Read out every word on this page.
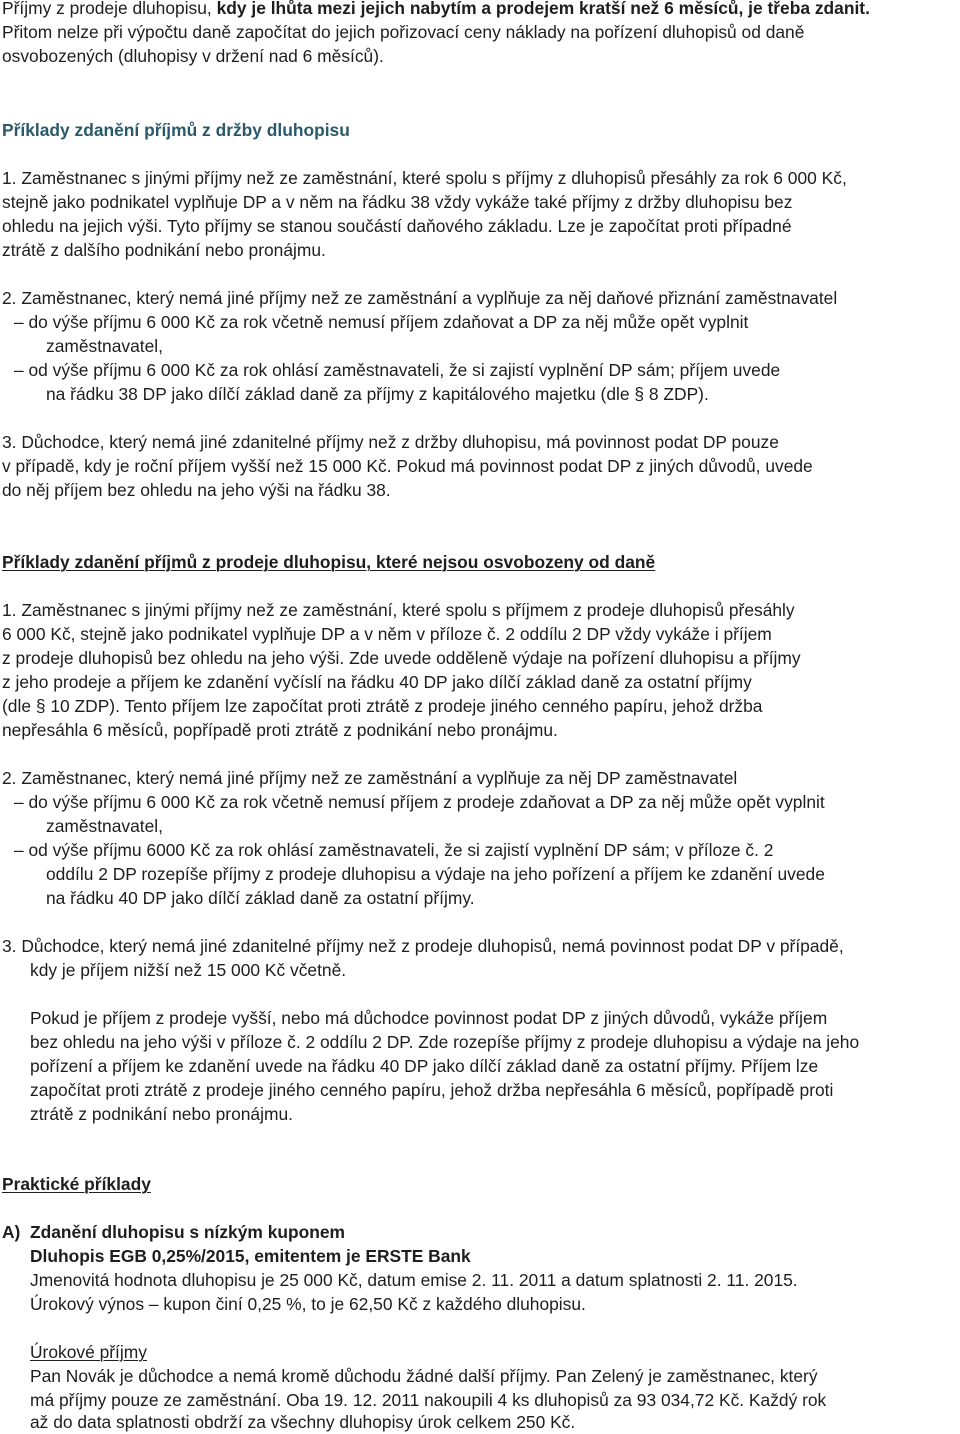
Příjmy z prodeje dluhopisu, kdy je lhůta mezi jejich nabytím a prodejem kratší než 6 měsíců, je třeba zdanit.
Přitom nelze při výpočtu daně započítat do jejich pořizovací ceny náklady na pořízení dluhopisů od daně
osvobozených (dluhopisy v držení nad 6 měsíců).
Příklady zdanění příjmů z držby dluhopisu
1. Zaměstnanec s jinými příjmy než ze zaměstnání, které spolu s příjmy z dluhopisů přesáhly za rok 6 000 Kč,
stejně jako podnikatel vyplňuje DP a v něm na řádku 38 vždy vykáže také příjmy z držby dluhopisu bez
ohledu na jejich výši. Tyto příjmy se stanou součástí daňového základu. Lze je započítat proti případné
ztrátě z dalšího podnikání nebo pronájmu.
2. Zaměstnanec, který nemá jiné příjmy než ze zaměstnání a vyplňuje za něj daňové přiznání zaměstnavatel
– do výše příjmu 6 000 Kč za rok včetně nemusí příjem zdaňovat a DP za něj může opět vyplnit
zaměstnavatel,
– od výše příjmu 6 000 Kč za rok ohlásí zaměstnavateli, že si zajistí vyplnění DP sám; příjem uvede
na řádku 38 DP jako dílčí základ daně za příjmy z kapitálového majetku (dle § 8 ZDP).
3. Důchodce, který nemá jiné zdanitelné příjmy než z držby dluhopisu, má povinnost podat DP pouze
v případě, kdy je roční příjem vyšší než 15 000 Kč. Pokud má povinnost podat DP z jiných důvodů, uvede
do něj příjem bez ohledu na jeho výši na řádku 38.
Příklady zdanění příjmů z prodeje dluhopisu, které nejsou osvobozeny od daně
1. Zaměstnanec s jinými příjmy než ze zaměstnání, které spolu s příjmem z prodeje dluhopisů přesáhly
6 000 Kč, stejně jako podnikatel vyplňuje DP a v něm v příloze č. 2 oddílu 2 DP vždy vykáže i příjem
z prodeje dluhopisů bez ohledu na jeho výši. Zde uvede odděleně výdaje na pořízení dluhopisu a příjmy
z jeho prodeje a příjem ke zdanění vyčíslí na řádku 40 DP jako dílčí základ daně za ostatní příjmy
(dle § 10 ZDP). Tento příjem lze započítat proti ztrátě z prodeje jiného cenného papíru, jehož držba
nepřesáhla 6 měsíců, popřípadě proti ztrátě z podnikání nebo pronájmu.
2. Zaměstnanec, který nemá jiné příjmy než ze zaměstnání a vyplňuje za něj DP zaměstnavatel
– do výše příjmu 6 000 Kč za rok včetně nemusí příjem z prodeje zdaňovat a DP za něj může opět vyplnit
zaměstnavatel,
– od výše příjmu 6000 Kč za rok ohlásí zaměstnavateli, že si zajistí vyplnění DP sám; v příloze č. 2
oddílu 2 DP rozepíše příjmy z prodeje dluhopisu a výdaje na jeho pořízení a příjem ke zdanění uvede
na řádku 40 DP jako dílčí základ daně za ostatní příjmy.
3. Důchodce, který nemá jiné zdanitelné příjmy než z prodeje dluhopisů, nemá povinnost podat DP v případě,
kdy je příjem nižší než 15 000 Kč včetně.
Pokud je příjem z prodeje vyšší, nebo má důchodce povinnost podat DP z jiných důvodů, vykáže příjem
bez ohledu na jeho výši v příloze č. 2 oddílu 2 DP. Zde rozepíše příjmy z prodeje dluhopisu a výdaje na jeho
pořízení a příjem ke zdanění uvede na řádku 40 DP jako dílčí základ daně za ostatní příjmy. Příjem lze
započítat proti ztrátě z prodeje jiného cenného papíru, jehož držba nepřesáhla 6 měsíců, popřípadě proti
ztrátě z podnikání nebo pronájmu.
Praktické příklady
A) Zdanění dluhopisu s nízkým kuponem
Dluhopis EGB 0,25%/2015, emitentem je ERSTE Bank
Jmenovitá hodnota dluhopisu je 25 000 Kč, datum emise 2. 11. 2011 a datum splatnosti 2. 11. 2015.
Úrokový výnos – kupon činí 0,25 %, to je 62,50 Kč z každého dluhopisu.
Úrokové příjmy
Pan Novák je důchodce a nemá kromě důchodu žádné další příjmy. Pan Zelený je zaměstnanec, který
má příjmy pouze ze zaměstnání. Oba 19. 12. 2011 nakoupili 4 ks dluhopisů za 93 034,72 Kč. Každý rok
až do data splatnosti obdrží za všechny dluhopisy úrok celkem 250 Kč.
